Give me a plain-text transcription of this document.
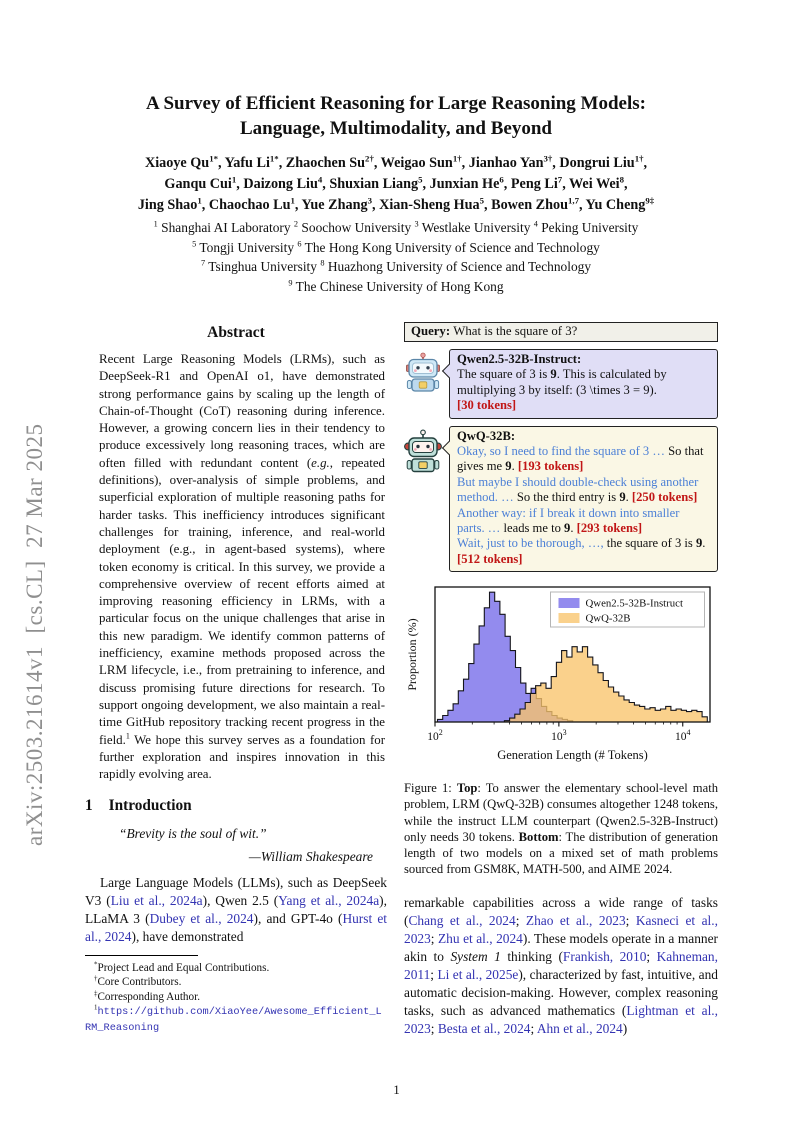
arXiv:2503.21614v1  [cs.CL]  27 Mar 2025
A Survey of Efficient Reasoning for Large Reasoning Models:
Language, Multimodality, and Beyond
Xiaoye $Qu^{1*}$, Yafu $Li^{1*}$, Zhaochen $Su^{2\dagger}$, Weigao Sun$^{1\dagger}$, Jianhao Yan$^{3\dagger}$, Dongrui Liu$^{1\dagger}$,
Ganqu Cui$^1$, Daizong Liu$^4$, Shuxian Liang$^5$, Junxian He$^6$, Peng Li$^7$, Wei Wei$^8$,
Jing Shao$^1$, Chaochao Lu$^1$, Yue Zhang$^3$, Xian-Sheng Hua$^5$, Bowen Zhou$^{1,7}$, Yu Cheng$^{9\ddagger}$
$^1$ Shanghai AI Laboratory $^2$ Soochow University $^3$ Westlake University $^4$ Peking University
$^5$ Tongji University $^6$ The Hong Kong University of Science and Technology
$^7$ Tsinghua University $^8$ Huazhong University of Science and Technology
$^9$ The Chinese University of Hong Kong
Abstract
Recent Large Reasoning Models (LRMs), such as DeepSeek-R1 and OpenAI o1, have demonstrated strong performance gains by scaling up the length of Chain-of-Thought (CoT) reasoning during inference. However, a growing concern lies in their tendency to produce excessively long reasoning traces, which are often filled with redundant content (e.g., repeated definitions), over-analysis of simple problems, and superficial exploration of multiple reasoning paths for harder tasks. This inefficiency introduces significant challenges for training, inference, and real-world deployment (e.g., in agent-based systems), where token economy is critical. In this survey, we provide a comprehensive overview of recent efforts aimed at improving reasoning efficiency in LRMs, with a particular focus on the unique challenges that arise in this new paradigm. We identify common patterns of inefficiency, examine methods proposed across the LRM lifecycle, i.e., from pretraining to inference, and discuss promising future directions for research. To support ongoing development, we also maintain a real-time GitHub repository tracking recent progress in the field.$^1$ We hope this survey serves as a foundation for further exploration and inspires innovation in this rapidly evolving area.
1 Introduction
“Brevity is the soul of wit.”
—William Shakespeare
Large Language Models (LLMs), such as DeepSeek V3 (Liu et al., 2024a), Qwen 2.5 (Yang et al., 2024a), LLaMA 3 (Dubey et al., 2024), and GPT-4o (Hurst et al., 2024), have demonstrated
*Project Lead and Equal Contributions.
†Core Contributors.
‡Corresponding Author.
$^1$https://github.com/XiaoYee/Awesome_Efficient_LRM_Reasoning
Query: What is the square of 3?
Qwen2.5-32B-Instruct:
The square of 3 is 9. This is calculated by multiplying 3 by itself: (3 \times 3 = 9).
[30 tokens]
QwQ-32B:
Okay, so I need to find the square of 3 … So that gives me 9. [193 tokens]
But maybe I should double-check using another method. … So the third entry is 9. [250 tokens]
Another way: if I break it down into smaller parts. … leads me to 9. [293 tokens]
Wait, just to be thorough, …, the square of 3 is 9. [512 tokens]
$10^2$	$10^3$	$10^4$
Generation Length (# Tokens)
Proportion (%)
Qwen2.5-32B-Instruct
QwQ-32B
Figure 1: Top: To answer the elementary school-level math problem, LRM (QwQ-32B) consumes altogether 1248 tokens, while the instruct LLM counterpart (Qwen2.5-32B-Instruct) only needs 30 tokens. Bottom: The distribution of generation length of two models on a mixed set of math problems sourced from GSM8K, MATH-500, and AIME 2024.
remarkable capabilities across a wide range of tasks (Chang et al., 2024; Zhao et al., 2023; Kasneci et al., 2023; Zhu et al., 2024). These models operate in a manner akin to System 1 thinking (Frankish, 2010; Kahneman, 2011; Li et al., 2025e), characterized by fast, intuitive, and automatic decision-making. However, complex reasoning tasks, such as advanced mathematics (Lightman et al., 2023; Besta et al., 2024; Ahn et al., 2024)
1
